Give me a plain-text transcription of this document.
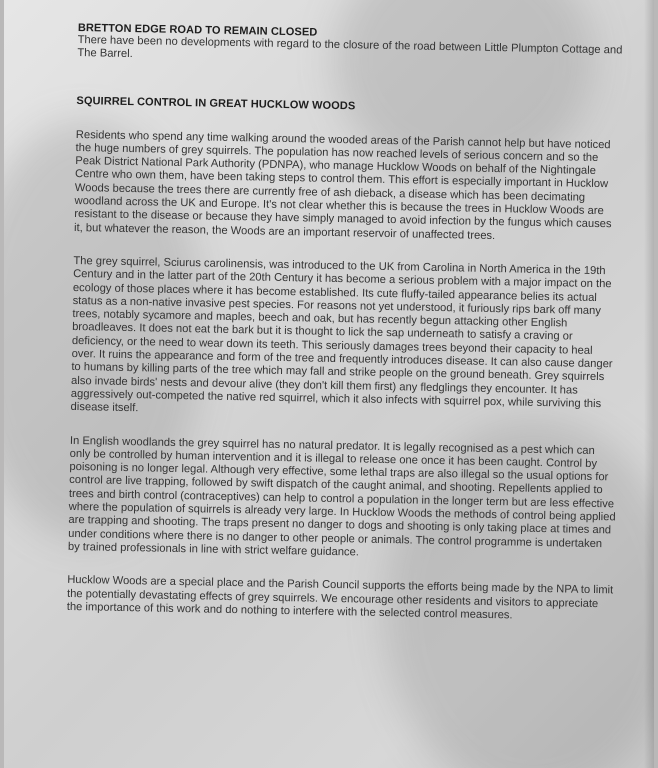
BRETTON EDGE ROAD TO REMAIN CLOSED

There have been no developments with regard to the closure of the road between Little Plumpton Cottage and The Barrel.

SQUIRREL CONTROL IN GREAT HUCKLOW WOODS

Residents who spend any time walking around the wooded areas of the Parish cannot help but have noticed the huge numbers of grey squirrels. The population has now reached levels of serious concern and so the Peak District National Park Authority (PDNPA), who manage Hucklow Woods on behalf of the Nightingale Centre who own them, have been taking steps to control them. This effort is especially important in Hucklow Woods because the trees there are currently free of ash dieback, a disease which has been decimating woodland across the UK and Europe. It's not clear whether this is because the trees in Hucklow Woods are resistant to the disease or because they have simply managed to avoid infection by the fungus which causes it, but whatever the reason, the Woods are an important reservoir of unaffected trees.

The grey squirrel, Sciurus carolinensis, was introduced to the UK from Carolina in North America in the 19th Century and in the latter part of the 20th Century it has become a serious problem with a major impact on the ecology of those places where it has become established. Its cute fluffy-tailed appearance belies its actual status as a non-native invasive pest species. For reasons not yet understood, it furiously rips bark off many trees, notably sycamore and maples, beech and oak, but has recently begun attacking other English broadleaves. It does not eat the bark but it is thought to lick the sap underneath to satisfy a craving or deficiency, or the need to wear down its teeth. This seriously damages trees beyond their capacity to heal over. It ruins the appearance and form of the tree and frequently introduces disease. It can also cause danger to humans by killing parts of the tree which may fall and strike people on the ground beneath. Grey squirrels also invade birds' nests and devour alive (they don't kill them first) any fledglings they encounter. It has aggressively out-competed the native red squirrel, which it also infects with squirrel pox, while surviving this disease itself.

In English woodlands the grey squirrel has no natural predator. It is legally recognised as a pest which can only be controlled by human intervention and it is illegal to release one once it has been caught. Control by poisoning is no longer legal. Although very effective, some lethal traps are also illegal so the usual options for control are live trapping, followed by swift dispatch of the caught animal, and shooting. Repellents applied to trees and birth control (contraceptives) can help to control a population in the longer term but are less effective where the population of squirrels is already very large. In Hucklow Woods the methods of control being applied are trapping and shooting. The traps present no danger to dogs and shooting is only taking place at times and under conditions where there is no danger to other people or animals. The control programme is undertaken by trained professionals in line with strict welfare guidance.

Hucklow Woods are a special place and the Parish Council supports the efforts being made by the NPA to limit the potentially devastating effects of grey squirrels. We encourage other residents and visitors to appreciate the importance of this work and do nothing to interfere with the selected control measures.
